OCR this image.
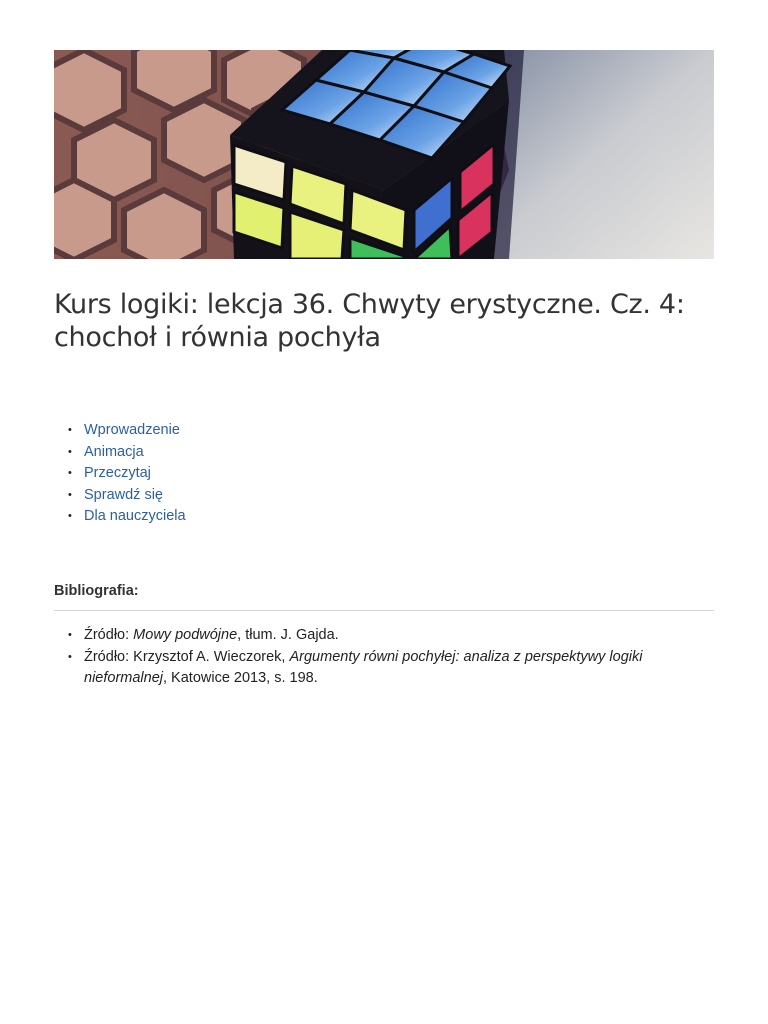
Kurs logiki: lekcja 36. Chwyty erystyczne. Cz. 4: chochoł i równia pochyła
• Wprowadzenie
• Animacja
• Przeczytaj
• Sprawdź się
• Dla nauczyciela
Bibliografia:
• Źródło: Mowy podwójne, tłum. J. Gajda.
• Źródło: Krzysztof A. Wieczorek, Argumenty równi pochyłej: analiza z perspektywy logiki nieformalnej, Katowice 2013, s. 198.
